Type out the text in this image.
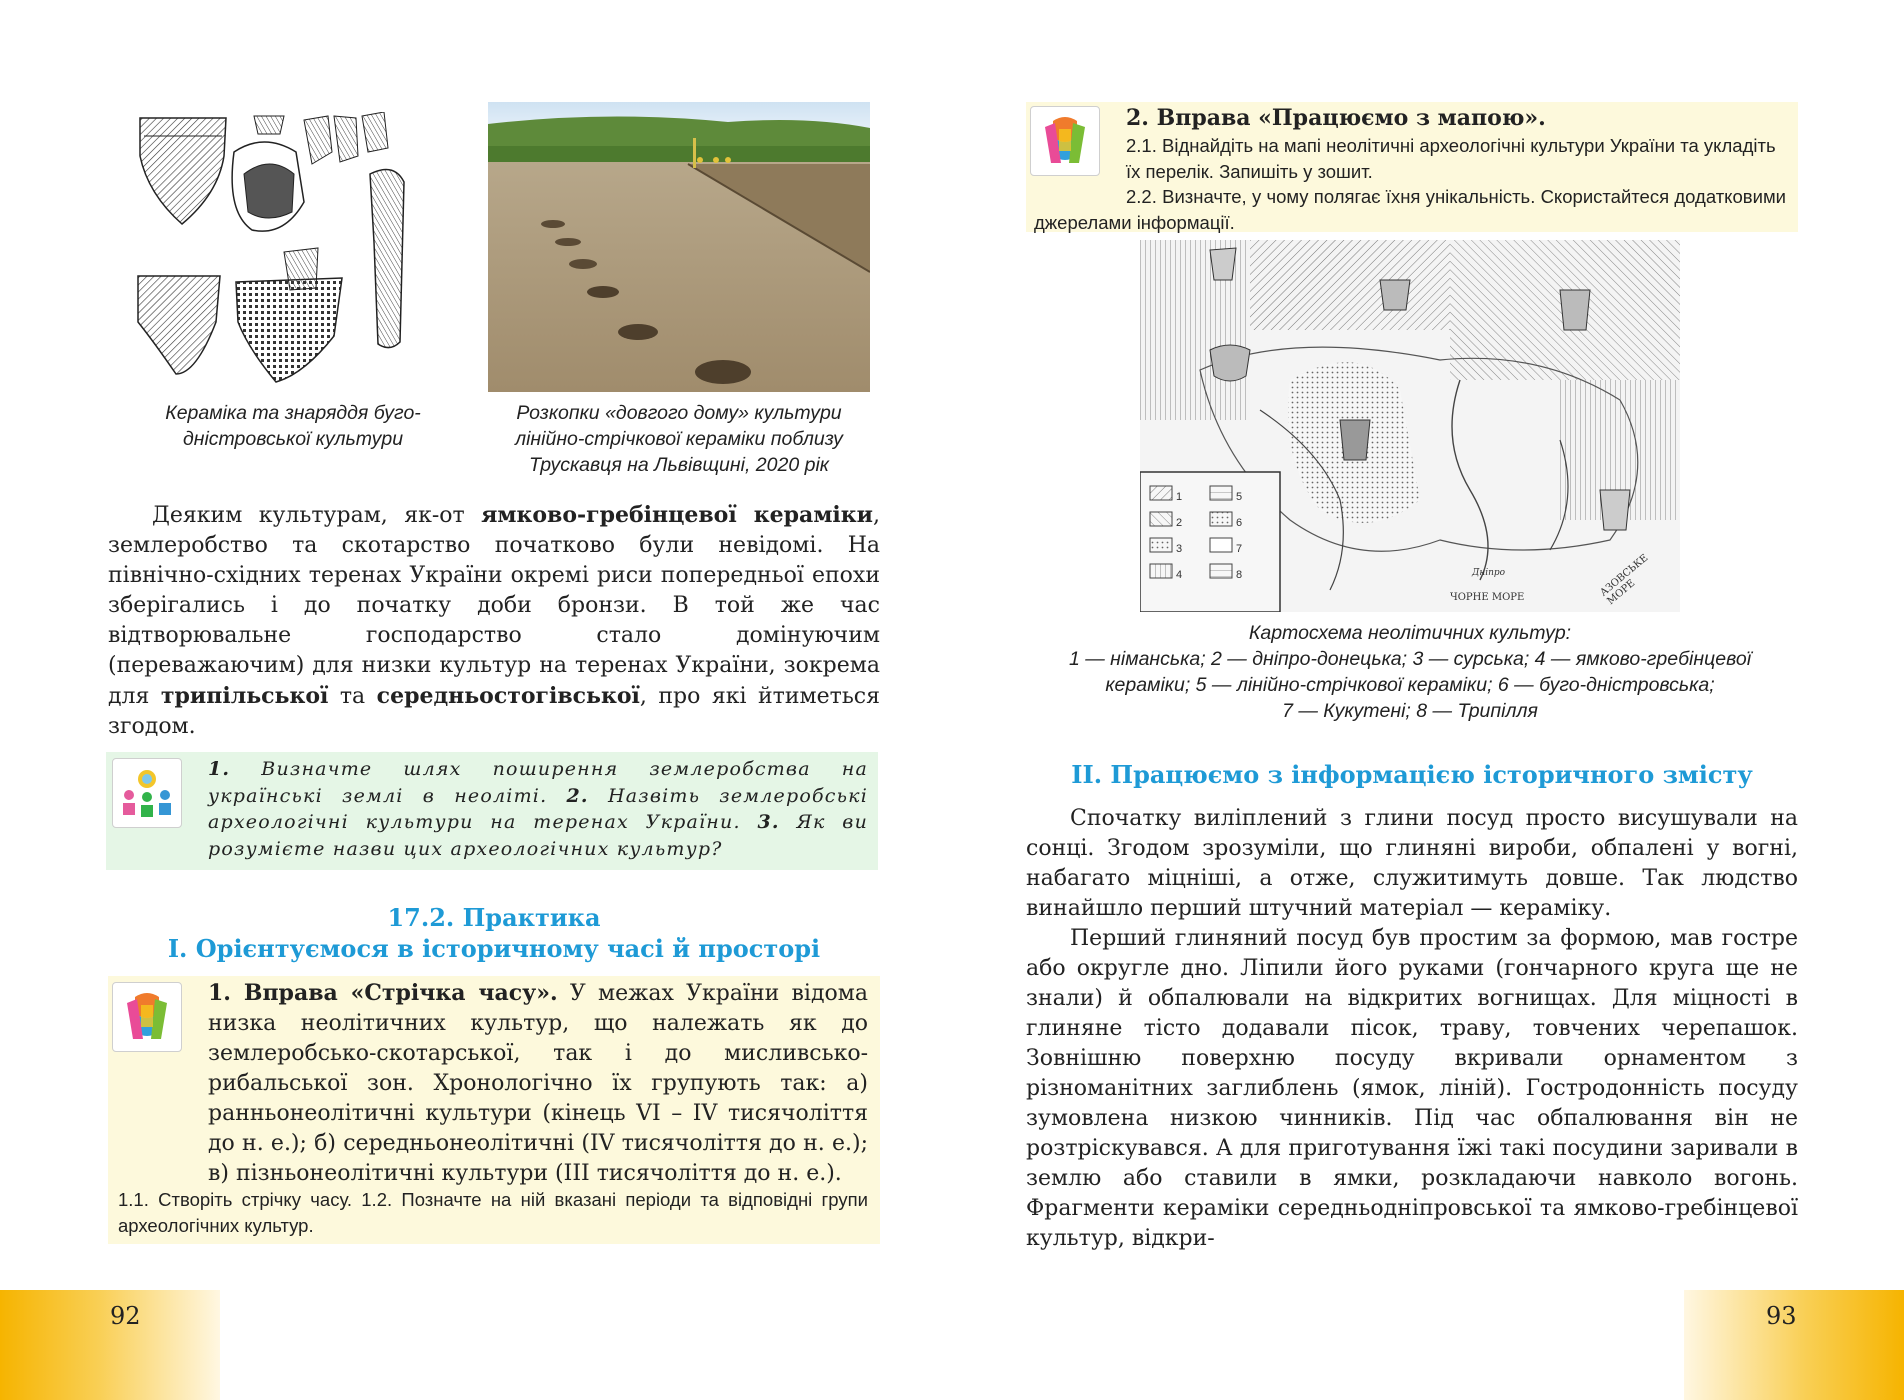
Кераміка та знаряддя буго-
дністровської культури
Розкопки «довгого дому» культури
лінійно-стрічкової кераміки поблизу
Трускавця на Львівщині, 2020 рік

Деяким культурам, як-от ямково-гребінцевої кераміки, землеробство та скотарство початково були невідомі. На північно-східних теренах України окремі риси попередньої епохи зберігались і до початку доби бронзи. В той же час відтворювальне господарство стало домінуючим (переважаючим) для низки культур на теренах України, зокрема для трипільської та середньостогівської, про які йтиметься згодом.

1. Визначте шлях поширення землеробства на українські землі в неоліті. 2. Назвіть землеробські археологічні культури на теренах України. 3. Як ви розумієте назви цих археологічних культур?
17.2. Практика
I. Орієнтуємося в історичному часі й просторі
1. Вправа «Стрічка часу». У межах України відома низка неолітичних культур, що належать як до землеробсько-скотарської, так і до мисливсько-рибальської зон. Хронологічно їх групують так: а) ранньонеолітичні культури (кінець VI – IV тисячоліття до н. е.); б) середньонеолітичні (IV тисячоліття до н. е.); в) пізньонеолітичні культури (III тисячоліття до н. е.).
1.1. Створіть стрічку часу. 1.2. Позначте на ній вказані періоди та відповідні групи археологічних культур.
92
2. Вправа «Працюємо з мапою».
2.1. Віднайдіть на мапі неолітичні археологічні культури України та укладіть їх перелік. Запишіть у зошит.
2.2. Визначте, у чому полягає їхня унікальність. Скористайтеся додатковими джерелами інформації.
1
2
3
4
5
6
7
8
ЧОРНЕ МОРЕ	АЗОВСЬКЕ МОРЕ
Дніпро
Картосхема неолітичних культур:
1 — німанська; 2 — дніпро-донецька; 3 — сурська; 4 — ямково-гребінцевої
кераміки; 5 — лінійно-стрічкової кераміки; 6 — буго-дністровська;
7 — Кукутені; 8 — Трипілля
II. Працюємо з інформацією історичного змісту

Спочатку виліплений з глини посуд просто висушували на сонці. Згодом зрозуміли, що глиняні вироби, обпалені у вогні, набагато міцніші, а отже, служитимуть довше. Так людство винайшло перший штучний матеріал — кераміку.

Перший глиняний посуд був простим за формою, мав гостре або округле дно. Ліпили його руками (гончарного круга ще не знали) й обпалювали на відкритих вогнищах. Для міцності в глиняне тісто додавали пісок, траву, товчених черепашок. Зовнішню поверхню посуду вкривали орнаментом з різноманітних заглиблень (ямок, ліній). Гостродонність посуду зумовлена низкою чинників. Під час обпалювання він не розтріскувався. А для приготування їжі такі посудини заривали в землю або ставили в ямки, розкладаючи навколо вогонь. Фрагменти кераміки середньодніпровської та ямково-гребінцевої культур, відкри-

93
